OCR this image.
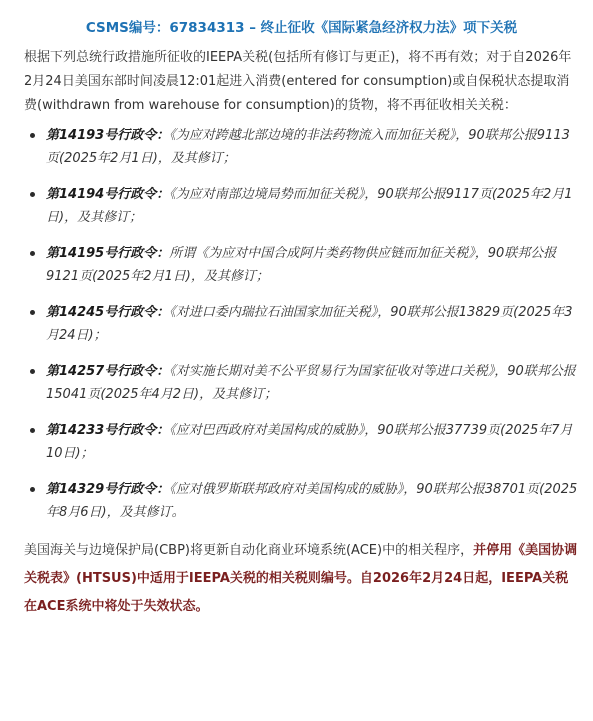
CSMS编号：67834313 – 终止征收《国际紧急经济权力法》项下关税

根据下列总统行政措施所征收的IEEPA关税(包括所有修订与更正)，将不再有效；对于自2026年2月24日美国东部时间凌晨12:01起进入消费(entered for consumption)或自保税状态提取消费(withdrawn from warehouse for consumption)的货物，将不再征收相关关税：

第14193号行政令：《为应对跨越北部边境的非法药物流入而加征关税》，90联邦公报9113页(2025年2月1日)，及其修订；
第14194号行政令：《为应对南部边境局势而加征关税》，90联邦公报9117页(2025年2月1日)，及其修订；
第14195号行政令：所谓《为应对中国合成阿片类药物供应链而加征关税》，90联邦公报9121页(2025年2月1日)，及其修订；
第14245号行政令：《对进口委内瑞拉石油国家加征关税》，90联邦公报13829页(2025年3月24日)；
第14257号行政令：《对实施长期对美不公平贸易行为国家征收对等进口关税》，90联邦公报15041页(2025年4月2日)，及其修订；
第14233号行政令：《应对巴西政府对美国构成的威胁》，90联邦公报37739页(2025年7月10日)；
第14329号行政令：《应对俄罗斯联邦政府对美国构成的威胁》，90联邦公报38701页(2025年8月6日)，及其修订。

美国海关与边境保护局(CBP)将更新自动化商业环境系统(ACE)中的相关程序，并停用《美国协调关税表》(HTSUS)中适用于IEEPA关税的相关税则编号。自2026年2月24日起，IEEPA关税在ACE系统中将处于失效状态。
